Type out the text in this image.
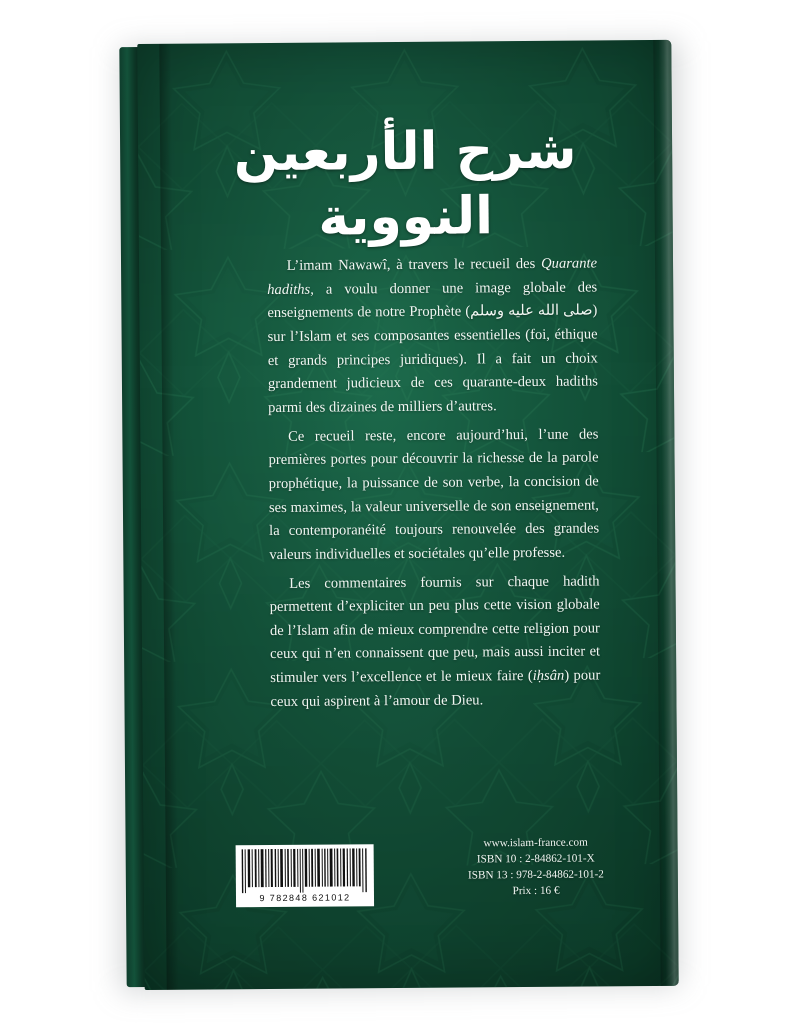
شرح الأربعين النووية

L’imam Nawawî, à travers le recueil des Quarante hadiths, a voulu donner une image globale des enseignements de notre Prophète (صلى الله عليه وسلم) sur l’Islam et ses composantes essentielles (foi, éthique et grands principes juridiques). Il a fait un choix grandement judicieux de ces quarante-deux hadiths parmi des dizaines de milliers d’autres.

Ce recueil reste, encore aujourd’hui, l’une des premières portes pour découvrir la richesse de la parole prophétique, la puissance de son verbe, la concision de ses maximes, la valeur universelle de son enseignement, la contemporanéité toujours renouvelée des grandes valeurs individuelles et sociétales qu’elle professe.

Les commentaires fournis sur chaque hadith permettent d’expliciter un peu plus cette vision globale de l’Islam afin de mieux comprendre cette religion pour ceux qui n’en connaissent que peu, mais aussi inciter et stimuler vers l’excellence et le mieux faire (iḥsân) pour ceux qui aspirent à l’amour de Dieu.

9 782848 621012
www.islam-france.com
ISBN 10 : 2-84862-101-X
ISBN 13 : 978-2-84862-101-2
Prix : 16 €
